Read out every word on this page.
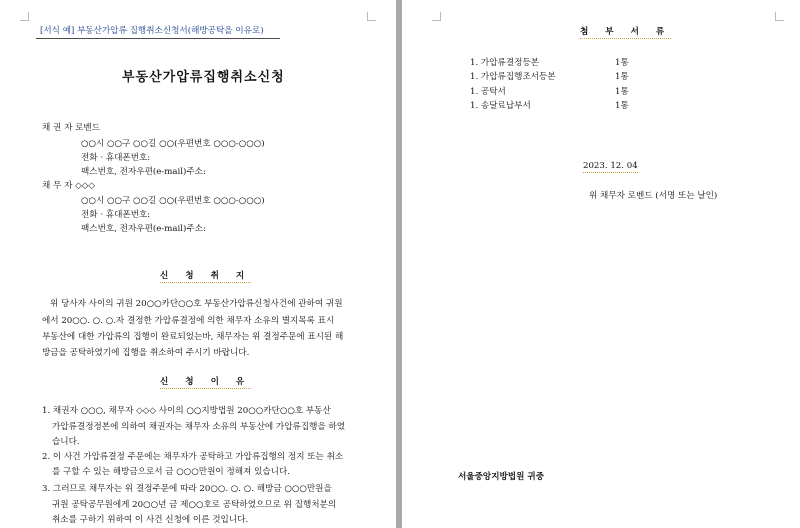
[서식 예] 부동산가압류 집행취소신청서(해방공탁을 이유로)
부동산가압류집행취소신청
채 권 자 로벤드
○○시 ○○구 ○○길 ○○(우편번호 ○○○-○○○)
전화 · 휴대폰번호:
팩스번호, 전자우편(e-mail)주소:
채 무 자 ◇◇◇
○○시 ○○구 ○○길 ○○(우편번호 ○○○-○○○)
전화 · 휴대폰번호:
팩스번호, 전자우편(e-mail)주소:
신 청 취 지
위 당사자 사이의 귀원 20○○카단○○호 부동산가압류신청사건에 관하여 귀원
에서 20○○. ○. ○.자 결정한 가압류결정에 의한 채무자 소유의 별지목록 표시
부동산에 대한 가압류의 집행이 완료되었는바, 채무자는 위 결정주문에 표시된 해
방금을 공탁하였기에 집행을 취소하여 주시기 바랍니다.
신 청 이 유
1. 채권자 ○○○, 채무자 ◇◇◇ 사이의 ○○지방법원 20○○카단○○호 부동산
가압류결정정본에 의하여 채권자는 채무자 소유의 부동산에 가압류집행을 하였
습니다.
2. 이 사건 가압류결정 주문에는 채무자가 공탁하고 가압류집행의 정지 또는 취소
를 구할 수 있는 해방금으로서 금 ○○○만원이 정해져 있습니다.
3. 그러므로 채무자는 위 결정주문에 따라 20○○. ○. ○. 해방금 ○○○만원을
귀원 공탁공무원에게 20○○년 금 제○○호로 공탁하였으므로 위 집행처분의
취소를 구하기 위하여 이 사건 신청에 이른 것입니다.
첨 부 서 류
1. 가압류결정등본	1통
1. 가압류집행조서등본	1통
1. 공탁서	1통
1. 송달료납부서	1통
2023. 12. 04
위 채무자 로벤드 (서명 또는 날인)
서울중앙지방법원 귀중
